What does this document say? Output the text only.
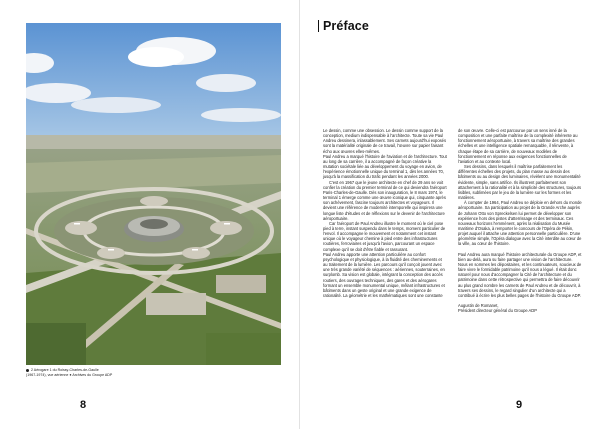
2 Aérogare 1 du Roissy-Charles-de-Gaulle
(1967-1974), vue aérienne ● Archives du Groupe ADP
8
Préface

Le dessin, comme une obsession. Le dessin comme support de la conception, medium indispensable à l'architecte. Toute sa vie Paul Andreu dessinera, inlassablement. Ses carnets aujourd'hui exposés sont la matérialité originale de ce travail, l'œuvre sur papier faisant écho aux œuvres elles-mêmes.

Paul Andreu a marqué l'histoire de l'aviation et de l'architecture. Tout au long de sa carrière, il a accompagné de façon créative la mutation sociétale liée au développement du voyage en avion, de l'expérience émotionnelle unique du terminal 1, dès les années 70, jusqu'à la massification du trafic pendant les années 2000.

C'est en 1967 que le jeune architecte en chef de 29 ans se voit confier la création du premier terminal de ce qui deviendra l'aéroport Paris-Charles-de-Gaulle. Dès son inauguration, le 8 mars 1974, le terminal 1 émerge comme une œuvre iconique qui, cinquante après son achèvement, fascine toujours architectes et voyageurs. Il devient une référence de modernité intemporelle qui inspirera une longue liste d'études et de réflexions sur le devenir de l'architecture aéroportuaire.

Car l'aéroport de Paul Andreu illustre le moment où le ciel pose pied à terre, instant suspendu dans le temps, moment particulier de l'envol. Il accompagne le mouvement et notamment cet instant unique où le voyageur chemine à pied entre des infrastructures routières, ferroviaires et jusqu'à l'avion, parcourant un espace complexe qu'il se doit d'être fiable et rassurant.

Paul Andreu apporte une attention particulière au confort psychologique et physiologique, à la fluidité des cheminements et au traitement de la lumière. Les parcours qu'il conçoit jouent avec une très grande variété de séquences : aériennes, souterraines, en surplomb. Sa vision est globale, intégrant la conception des accès routiers, des ouvrages techniques, des gares et des aérogares formant un ensemble monumental unique, mêlant infrastructures et bâtiments dans un geste original et une grande exigence de rationalité. La géométrie et les mathématiques sont une constante

de son œuvre. Celle-ci est parcourue par un sens inné de la composition et une parfaite maîtrise de la complexité inhérente au fonctionnement aéroportuaire, à travers sa maîtrise des grandes échelles et une intelligence spatiale remarquable, il réinvente, à chaque étape de sa carrière, de nouveaux modèles de fonctionnement en réponse aux exigences fonctionnelles de l'aviation et au contexte local.

Ses dessins, dans lesquels il maîtrise parfaitement les différentes échelles des projets, du plan masse au dessin des bâtiments ou au design des luminaires, révèlent une monumentalité évidente, simple, sans artifice. Ils illustrent parfaitement son attachement à la rationalité et à la simplicité des structures, toujours lisibles, sublimées par le jeu de la lumière sur les formes et les matières.

À compter de 1964, Paul Andreu se déploie en dehors du monde aéroportuaire. Sa participation au projet de la Grande Arche auprès de Johann Otto von Spreckelsen lui permet de développer son expérience hors des pistes d'atterrissage et des terminaux. Ces nouveaux horizons l'emmènent, après la réalisation du Musée maritime d'Osaka, à remporter le concours de l'Opéra de Pékin, projet auquel il attache une attention personnelle particulière. D'une géométrie simple, l'Opéra dialogue avec la Cité interdite au cœur de la ville, au cœur de l'histoire.

Paul Andreu aura marqué l'histoire architecturale du Groupe ADP, et bien au-delà, aura su faire partager une vision de l'architecture. Nous en sommes les dépositaires, et les continuateurs, soucieux de faire vivre le formidable patrimoine qu'il nous a légué. Il était donc naturel pour nous d'accompagner la Cité de l'architecture et du patrimoine dans cette rétrospective qui permettra de faire découvrir au plus grand nombre les carnets de Paul Andreu et de découvrir, à travers ses dessins, le regard singulier d'un architecte qui a contribué à écrire les plus belles pages de l'histoire du Groupe ADP.

Augustin de Romanet,

Président directeur général du Groupe ADP

9
